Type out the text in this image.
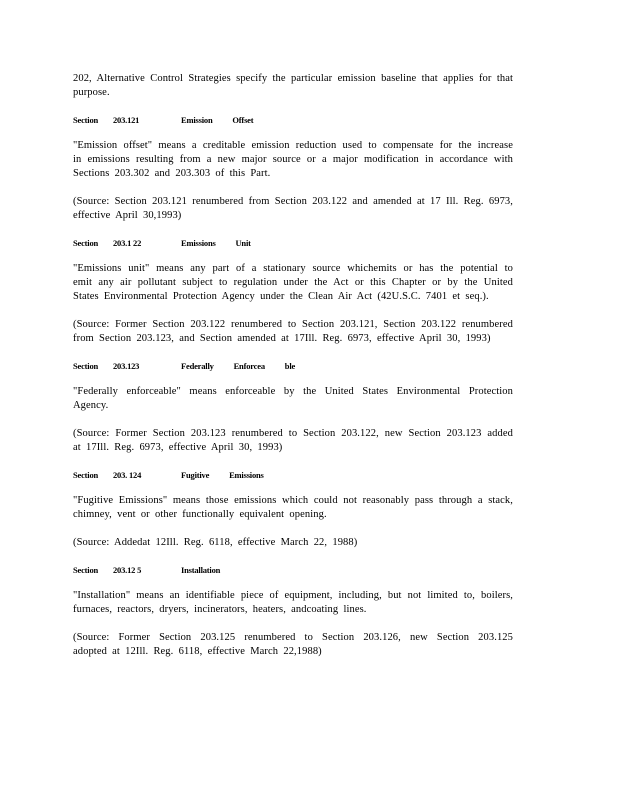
202, Alternative Control Strategies specify the particular emission baseline that applies for that purpose.

Section	203.121	Emission Offset

"Emission offset" means a creditable emission reduction used to compensate for the increase in emissions resulting from a new major source or a major modification in accordance with Sections 203.302 and 203.303 of this Part.

(Source: Section 203.121 renumbered from Section 203.122 and amended at 17 Ill. Reg. 6973, effective April 30,1993)

Section	203.1 22	Emissions Unit

"Emissions unit" means any part of a stationary source whichemits or has the potential to emit any air pollutant subject to regulation under the Act or this Chapter or by the United States Environmental Protection Agency under the Clean Air Act (42U.S.C. 7401 et seq.).

(Source: Former Section 203.122 renumbered to Section 203.121, Section 203.122 renumbered from Section 203.123, and Section amended at 17Ill. Reg. 6973, effective April 30, 1993)

Section	203.123	Federally Enforcea ble

"Federally enforceable" means enforceable by the United States Environmental Protection Agency.

(Source: Former Section 203.123 renumbered to Section 203.122, new Section 203.123 added at 17Ill. Reg. 6973, effective April 30, 1993)

Section	203. 124	Fugitive Emissions

"Fugitive Emissions" means those emissions which could not reasonably pass through a stack, chimney, vent or other functionally equivalent opening.

(Source: Addedat 12Ill. Reg. 6118, effective March 22, 1988)

Section	203.12 5	Installation

"Installation" means an identifiable piece of equipment, including, but not limited to, boilers, furnaces, reactors, dryers, incinerators, heaters, andcoating lines.

(Source: Former Section 203.125 renumbered to Section 203.126, new Section 203.125 adopted at 12Ill. Reg. 6118, effective March 22,1988)
